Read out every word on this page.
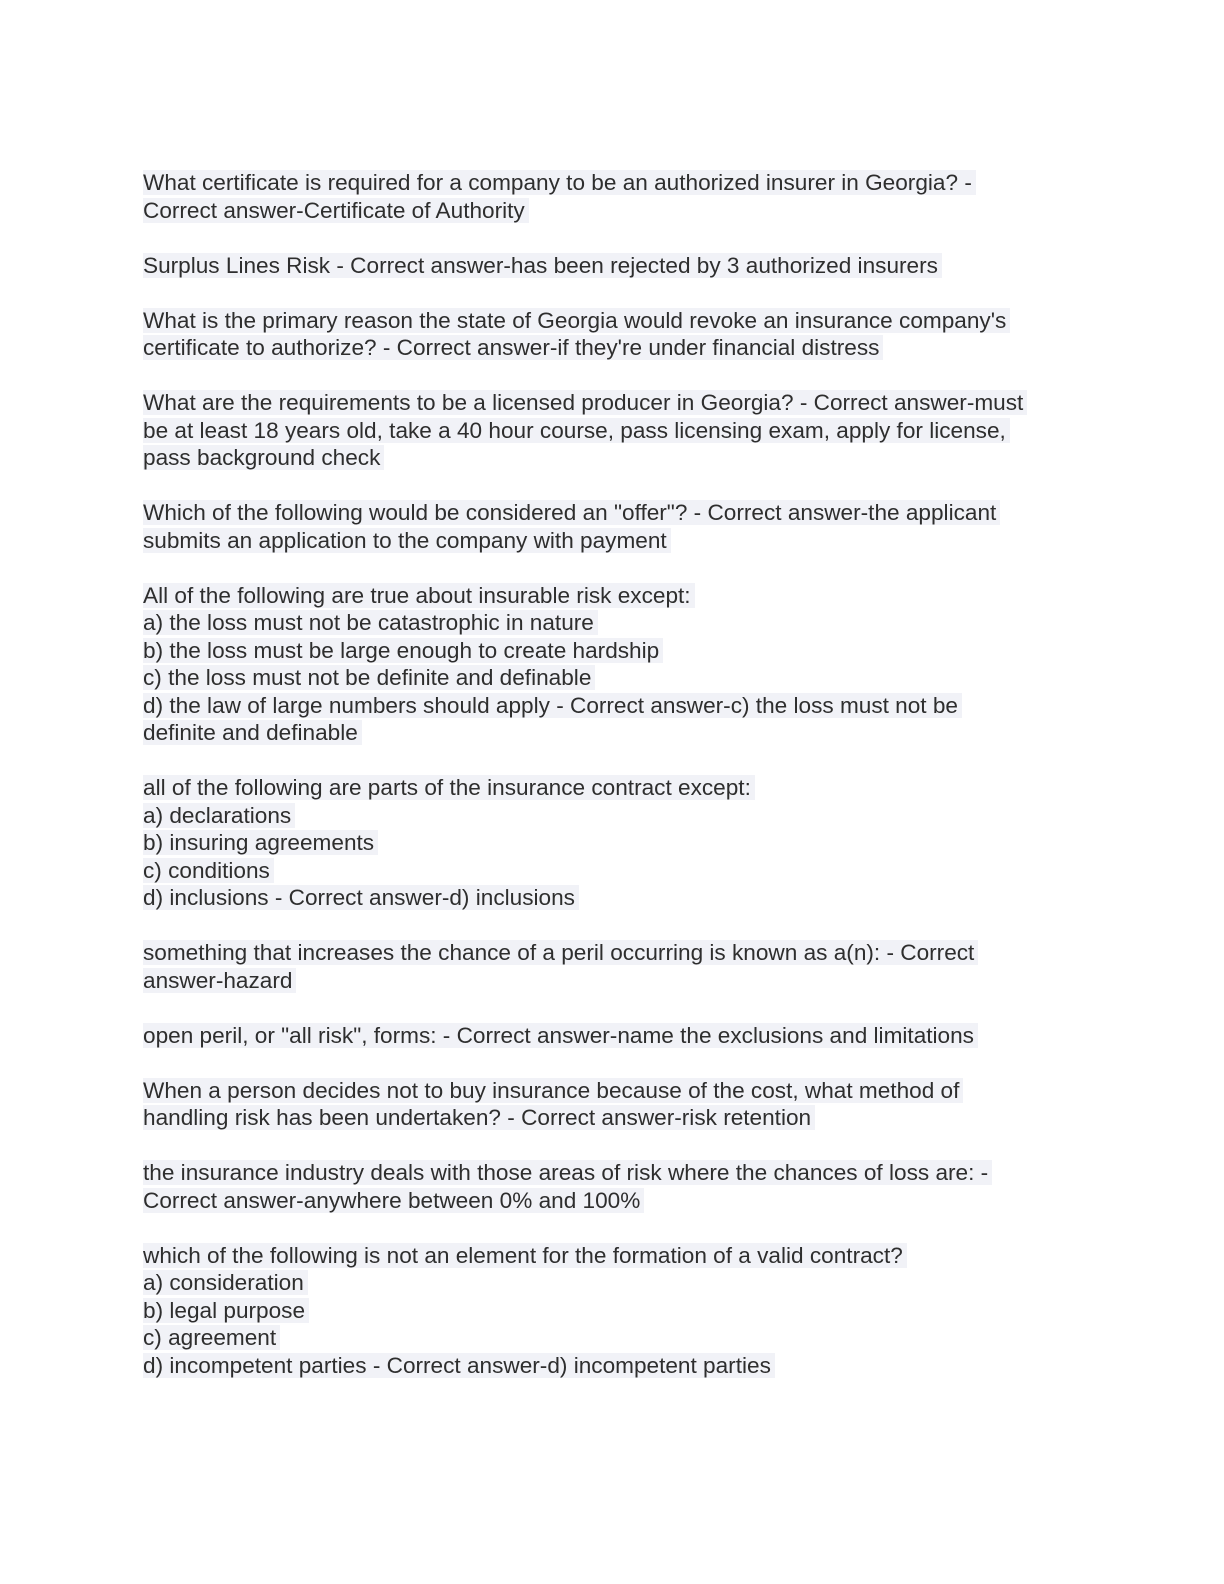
What certificate is required for a company to be an authorized insurer in Georgia? -
Correct answer-Certificate of Authority
Surplus Lines Risk - Correct answer-has been rejected by 3 authorized insurers
What is the primary reason the state of Georgia would revoke an insurance company's
certificate to authorize? - Correct answer-if they're under financial distress
What are the requirements to be a licensed producer in Georgia? - Correct answer-must
be at least 18 years old, take a 40 hour course, pass licensing exam, apply for license,
pass background check
Which of the following would be considered an "offer"? - Correct answer-the applicant
submits an application to the company with payment
All of the following are true about insurable risk except:
a) the loss must not be catastrophic in nature
b) the loss must be large enough to create hardship
c) the loss must not be definite and definable
d) the law of large numbers should apply - Correct answer-c) the loss must not be
definite and definable
all of the following are parts of the insurance contract except:
a) declarations
b) insuring agreements
c) conditions
d) inclusions - Correct answer-d) inclusions
something that increases the chance of a peril occurring is known as a(n): - Correct
answer-hazard
open peril, or "all risk", forms: - Correct answer-name the exclusions and limitations
When a person decides not to buy insurance because of the cost, what method of
handling risk has been undertaken? - Correct answer-risk retention
the insurance industry deals with those areas of risk where the chances of loss are: -
Correct answer-anywhere between 0% and 100%
which of the following is not an element for the formation of a valid contract?
a) consideration
b) legal purpose
c) agreement
d) incompetent parties - Correct answer-d) incompetent parties
